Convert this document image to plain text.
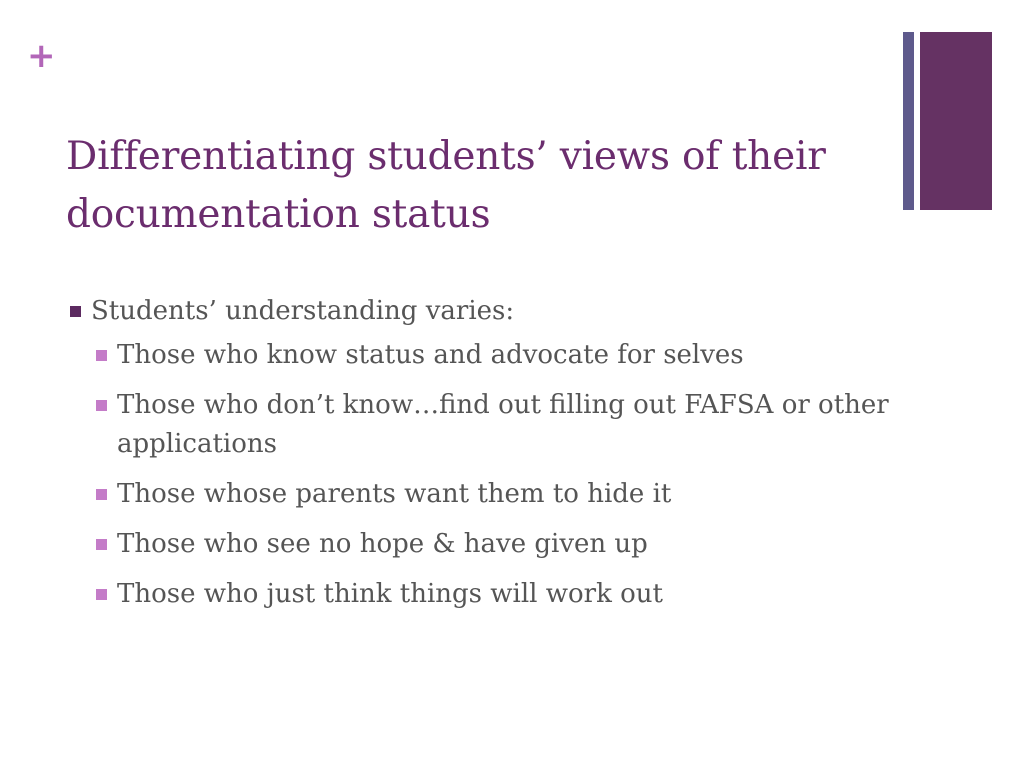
+
Differentiating students’ views of their documentation status
Students’ understanding varies:
Those who know status and advocate for selves
Those who don’t know…find out filling out FAFSA or other applications
Those whose parents want them to hide it
Those who see no hope & have given up
Those who just think things will work out
